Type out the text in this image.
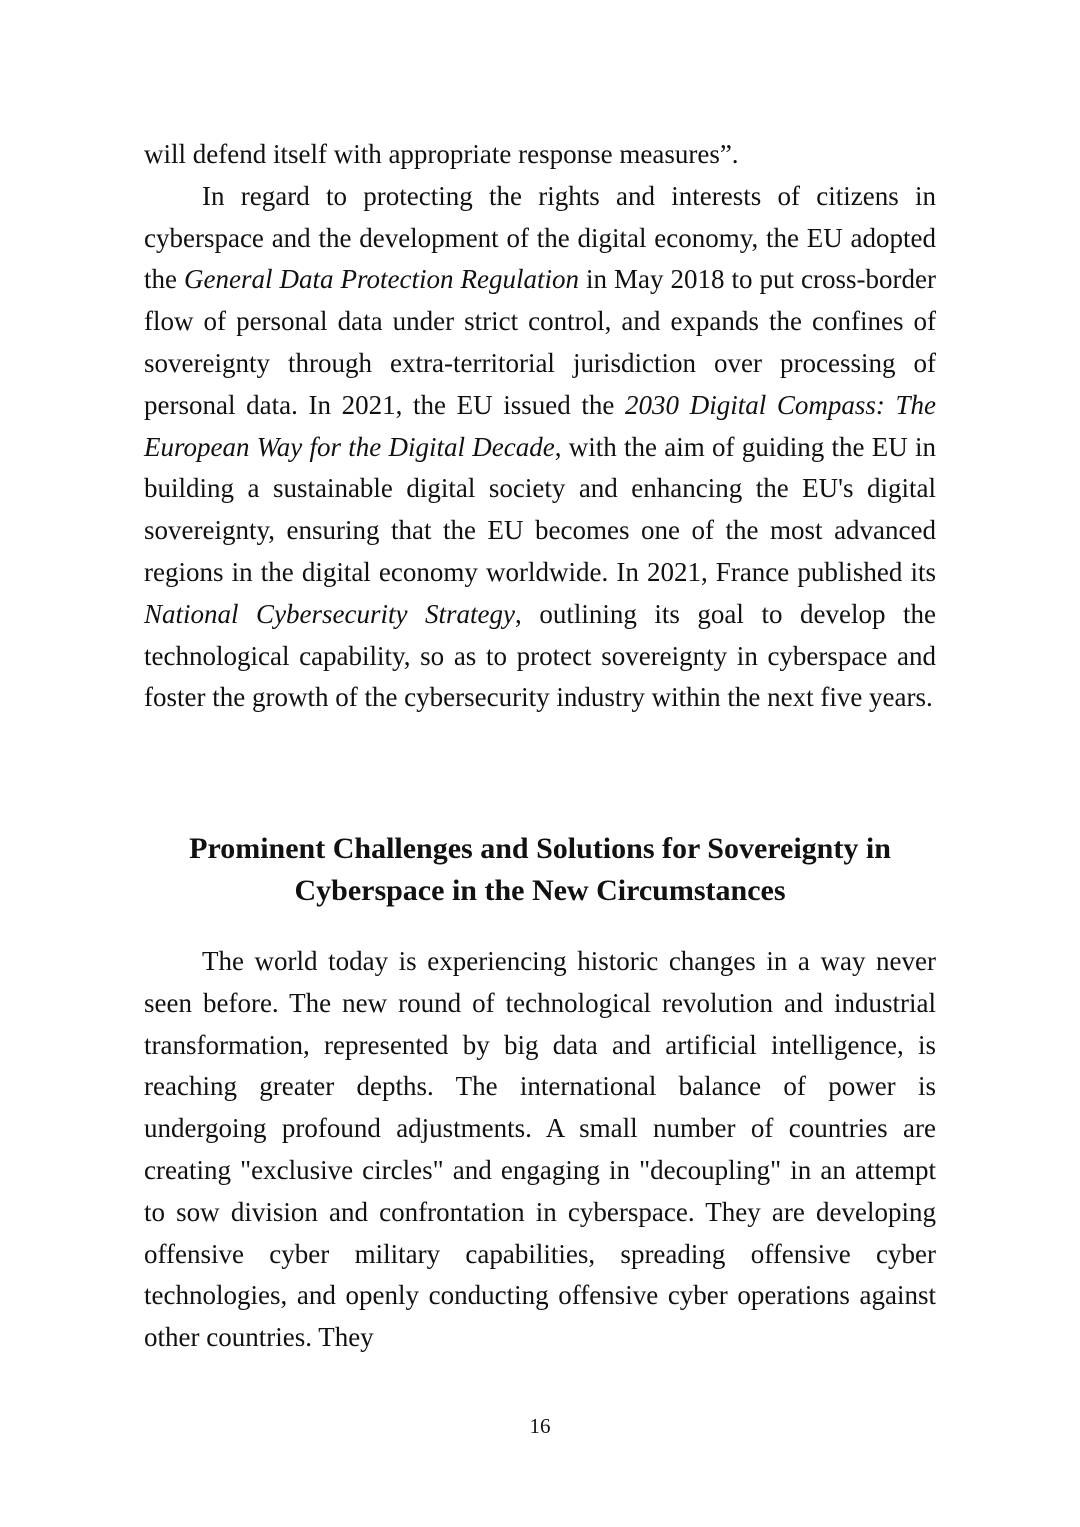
will defend itself with appropriate response measures”.

In regard to protecting the rights and interests of citizens in cyberspace and the development of the digital economy, the EU adopted the General Data Protection Regulation in May 2018 to put cross-border flow of personal data under strict control, and expands the confines of sovereignty through extra-territorial jurisdiction over processing of personal data. In 2021, the EU issued the 2030 Digital Compass: The European Way for the Digital Decade, with the aim of guiding the EU in building a sustainable digital society and enhancing the EU's digital sovereignty, ensuring that the EU becomes one of the most advanced regions in the digital economy worldwide. In 2021, France published its National Cybersecurity Strategy, outlining its goal to develop the technological capability, so as to protect sovereignty in cyberspace and foster the growth of the cybersecurity industry within the next five years.

Prominent Challenges and Solutions for Sovereignty in
Cyberspace in the New Circumstances

The world today is experiencing historic changes in a way never seen before. The new round of technological revolution and industrial transformation, represented by big data and artificial intelligence, is reaching greater depths. The international balance of power is undergoing profound adjustments. A small number of countries are creating "exclusive circles" and engaging in "decoupling" in an attempt to sow division and confrontation in cyberspace. They are developing offensive cyber military capabilities, spreading offensive cyber technologies, and openly conducting offensive cyber operations against other countries. They

16
